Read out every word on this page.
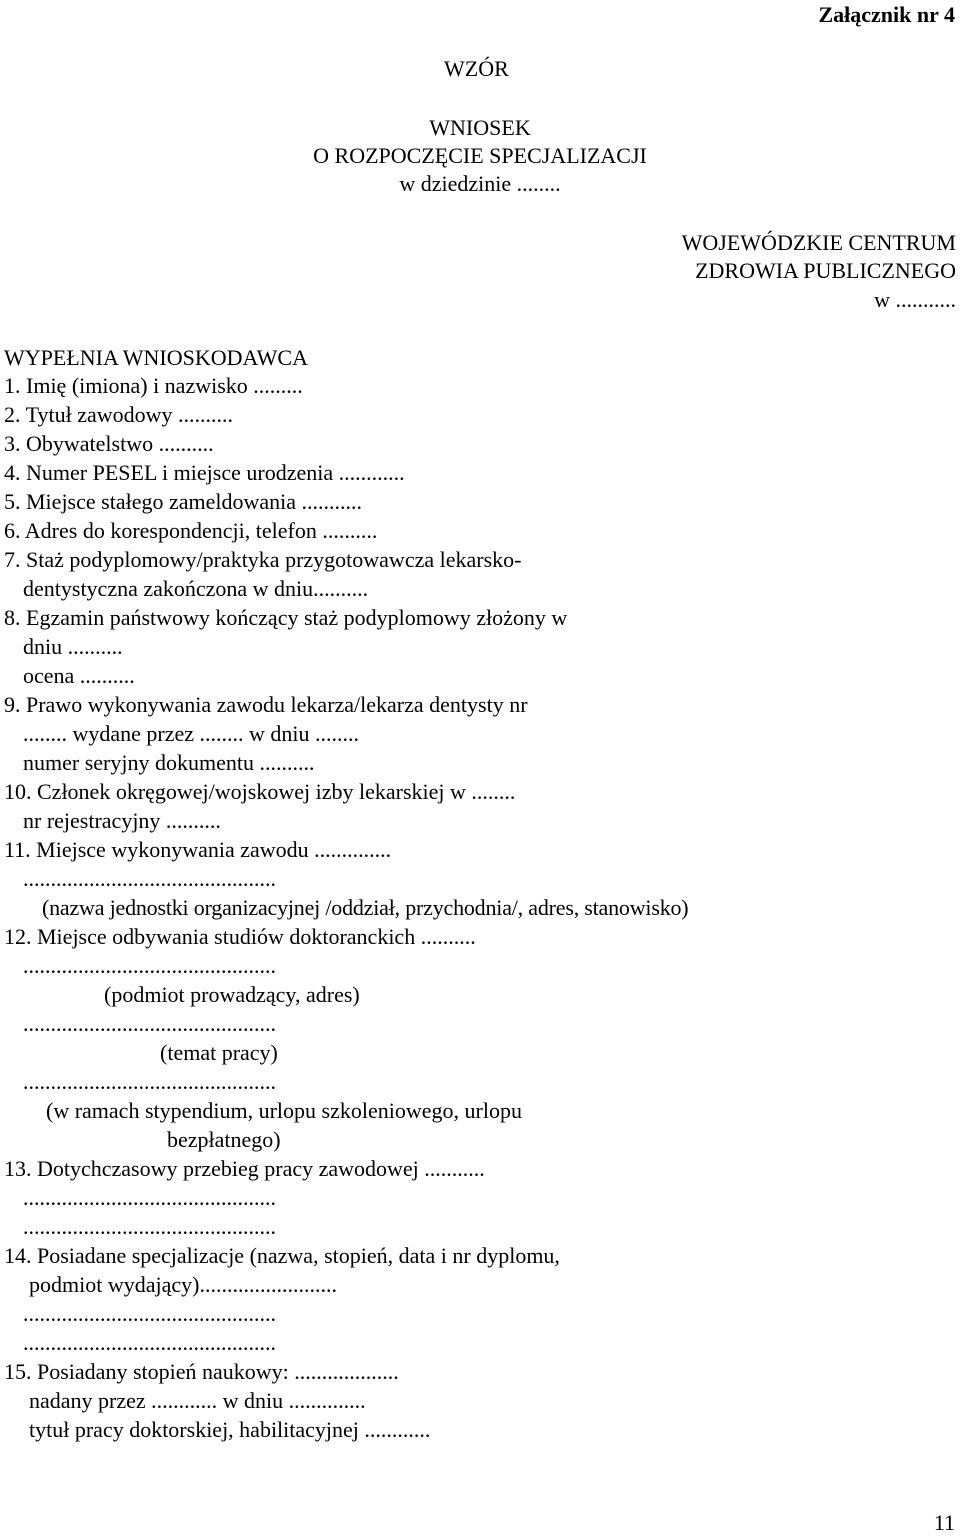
Załącznik nr 4
WZÓR
WNIOSEK
O ROZPOCZĘCIE SPECJALIZACJI
w dziedzinie ........
WOJEWÓDZKIE CENTRUM
ZDROWIA PUBLICZNEGO
w ...........
WYPEŁNIA WNIOSKODAWCA
1. Imię (imiona) i nazwisko .........
2. Tytuł zawodowy ..........
3. Obywatelstwo ..........
4. Numer PESEL i miejsce urodzenia ............
5. Miejsce stałego zameldowania ...........
6. Adres do korespondencji, telefon ..........
7. Staż podyplomowy/praktyka przygotowawcza lekarsko-
dentystyczna zakończona w dniu..........
8. Egzamin państwowy kończący staż podyplomowy złożony w
dniu ..........
ocena ..........
9. Prawo wykonywania zawodu lekarza/lekarza dentysty nr
........ wydane przez ........ w dniu ........
numer seryjny dokumentu ..........
10. Członek okręgowej/wojskowej izby lekarskiej w ........
nr rejestracyjny ..........
11. Miejsce wykonywania zawodu ..............
..............................................
(nazwa jednostki organizacyjnej /oddział, przychodnia/, adres, stanowisko)
12. Miejsce odbywania studiów doktoranckich ..........
..............................................
(podmiot prowadzący, adres)
..............................................
(temat pracy)
..............................................
(w ramach stypendium, urlopu szkoleniowego, urlopu
bezpłatnego)
13. Dotychczasowy przebieg pracy zawodowej ...........
..............................................
..............................................
14. Posiadane specjalizacje (nazwa, stopień, data i nr dyplomu,
podmiot wydający).........................
..............................................
..............................................
15. Posiadany stopień naukowy: ...................
nadany przez ............ w dniu ..............
tytuł pracy doktorskiej, habilitacyjnej ............
11
